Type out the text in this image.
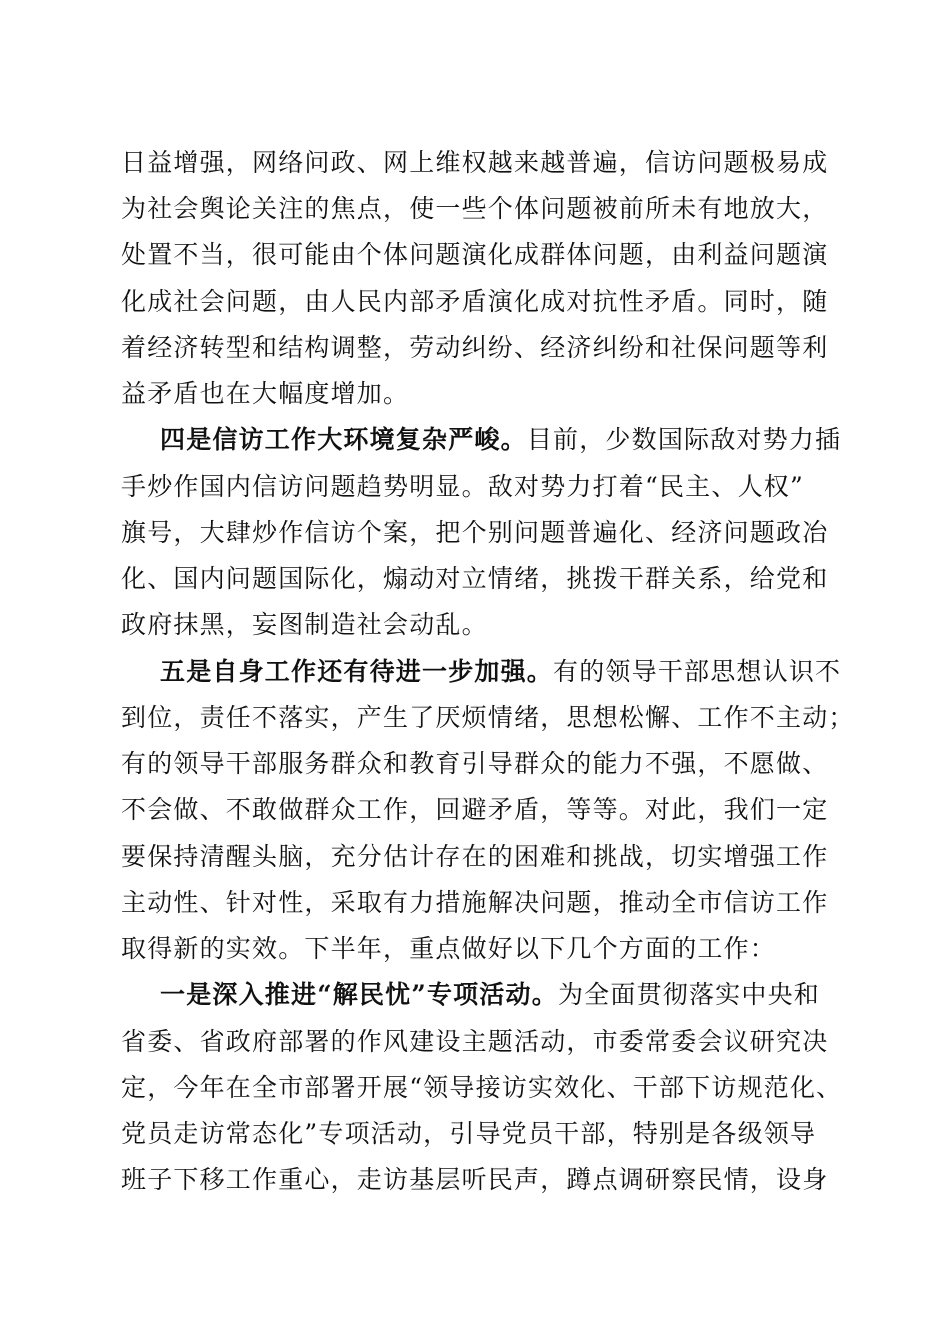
日益增强，网络问政、网上维权越来越普遍，信访问题极易成
为社会舆论关注的焦点，使一些个体问题被前所未有地放大，
处置不当，很可能由个体问题演化成群体问题，由利益问题演
化成社会问题，由人民内部矛盾演化成对抗性矛盾。同时，随
着经济转型和结构调整，劳动纠纷、经济纠纷和社保问题等利
益矛盾也在大幅度增加。
四是信访工作大环境复杂严峻。目前，少数国际敌对势力插
手炒作国内信访问题趋势明显。敌对势力打着“民主、人权”
旗号，大肆炒作信访个案，把个别问题普遍化、经济问题政冶
化、国内问题国际化，煽动对立情绪，挑拨干群关系，给党和
政府抹黑，妄图制造社会动乱。
五是自身工作还有待进一步加强。有的领导干部思想认识不
到位，责任不落实，产生了厌烦情绪，思想松懈、工作不主动；
有的领导干部服务群众和教育引导群众的能力不强，不愿做、
不会做、不敢做群众工作，回避矛盾，等等。对此，我们一定
要保持清醒头脑，充分估计存在的困难和挑战，切实增强工作
主动性、针对性，采取有力措施解决问题，推动全市信访工作
取得新的实效。下半年，重点做好以下几个方面的工作：
一是深入推进“解民忧”专项活动。为全面贯彻落实中央和
省委、省政府部署的作风建设主题活动，市委常委会议研究决
定，今年在全市部署开展“领导接访实效化、干部下访规范化、
党员走访常态化”专项活动，引导党员干部，特别是各级领导
班子下移工作重心，走访基层听民声，蹲点调研察民情，设身
